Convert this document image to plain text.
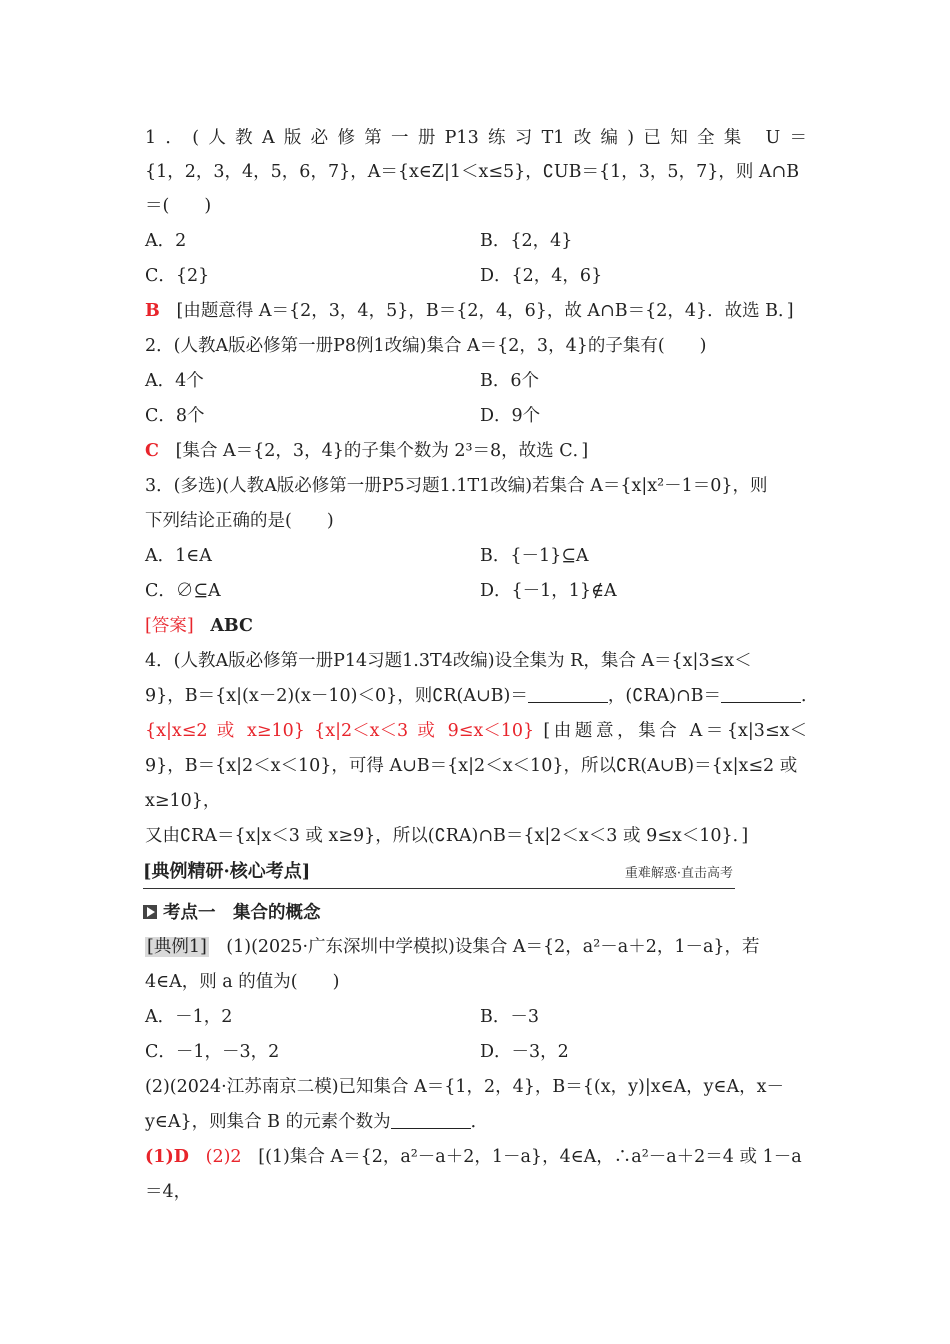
1．(人教A版必修第一册P13练习T1改编)已知全集 U＝
{1，2，3，4，5，6，7}，A＝{x∈Z|1＜x≤5}，∁UB＝{1，3，5，7}，则 A∩B
＝(　　)
A．2	B．{2，4}
C．{2}	D．{2，4，6}
B [由题意得 A＝{2，3，4，5}，B＝{2，4，6}，故 A∩B＝{2，4}．故选 B．]
2．(人教A版必修第一册P8例1改编)集合 A＝{2，3，4}的子集有(　　)
A．4个	B．6个
C．8个	D．9个
C [集合 A＝{2，3，4}的子集个数为 2³＝8，故选 C．]
3．(多选)(人教A版必修第一册P5习题1.1T1改编)若集合 A＝{x|x²－1＝0}，则
下列结论正确的是(　　)
A．1∈A	B．{－1}⊆A
C．∅⊆A	D．{－1，1}∉A
[答案] ABC
4．(人教A版必修第一册P14习题1.3T4改编)设全集为 R，集合 A＝{x|3≤x＜
9}，B＝{x|(x－2)(x－10)＜0}，则∁R(A∪B)＝	，(∁RA)∩B＝	．
{x|x≤2 或 x≥10} {x|2＜x＜3 或 9≤x＜10} [由题意，集合 A＝{x|3≤x＜
9}，B＝{x|2＜x＜10}，可得 A∪B＝{x|2＜x＜10}，所以∁R(A∪B)＝{x|x≤2 或
x≥10}，
又由∁RA＝{x|x＜3 或 x≥9}，所以(∁RA)∩B＝{x|2＜x＜3 或 9≤x＜10}．]
[典例精研·核心考点]	重难解惑·直击高考
考点一　集合的概念
[典例1]　(1)(2025·广东深圳中学模拟)设集合 A＝{2，a²－a＋2，1－a}，若
4∈A，则 a 的值为(　　)
A．－1，2	B．－3
C．－1，－3，2	D．－3，2
(2)(2024·江苏南京二模)已知集合 A＝{1，2，4}，B＝{(x，y)|x∈A，y∈A，x－
y∈A}，则集合 B 的元素个数为	．
(1)D (2)2 [(1)集合 A＝{2，a²－a＋2，1－a}，4∈A，∴a²－a＋2＝4 或 1－a
＝4，
